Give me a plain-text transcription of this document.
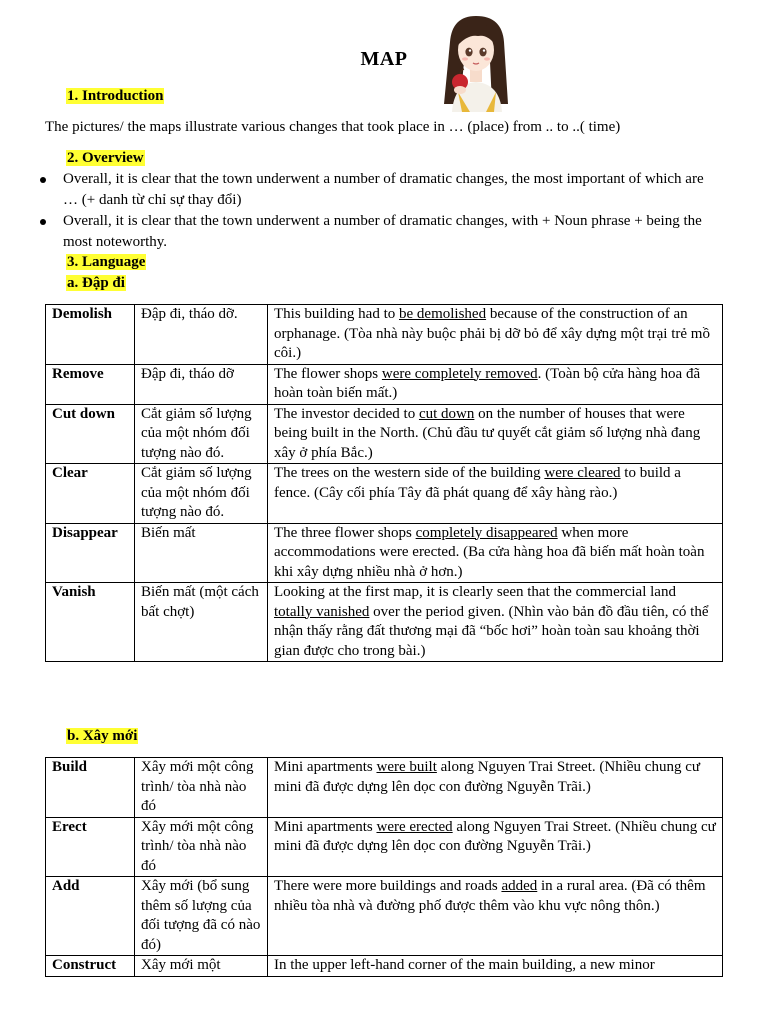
MAP
1. Introduction
The pictures/ the maps illustrate various changes that took place in … (place) from .. to ..( time)
2. Overview
Overall, it is clear that the town underwent a number of dramatic changes, the most important of which are … (+ danh từ chỉ sự thay đổi)
Overall, it is clear that the town underwent a number of dramatic changes, with + Noun phrase + being the most noteworthy.
3. Language
a. Đập đi
Demolish	Đập đi, tháo dỡ.	This building had to be demolished because of the construction of an orphanage. (Tòa nhà này buộc phải bị dỡ bỏ để xây dựng một trại trẻ mồ côi.)
Remove	Đập đi, tháo dỡ	The flower shops were completely removed. (Toàn bộ cửa hàng hoa đã hoàn toàn biến mất.)
Cut down	Cắt giảm số lượng của một nhóm đối tượng nào đó.	The investor decided to cut down on the number of houses that were being built in the North. (Chủ đầu tư quyết cắt giảm số lượng nhà đang xây ở phía Bắc.)
Clear	Cắt giảm số lượng của một nhóm đối tượng nào đó.	The trees on the western side of the building were cleared to build a fence. (Cây cối phía Tây đã phát quang để xây hàng rào.)
Disappear	Biến mất	The three flower shops completely disappeared when more accommodations were erected. (Ba cửa hàng hoa đã biến mất hoàn toàn khi xây dựng nhiều nhà ở hơn.)
Vanish	Biến mất (một cách bất chợt)	Looking at the first map, it is clearly seen that the commercial land totally vanished over the period given. (Nhìn vào bản đồ đầu tiên, có thể nhận thấy rằng đất thương mại đã “bốc hơi” hoàn toàn sau khoảng thời gian được cho trong bài.)
b. Xây mới
Build	Xây mới một công trình/ tòa nhà nào đó	Mini apartments were built along Nguyen Trai Street. (Nhiều chung cư mini đã được dựng lên dọc con đường Nguyễn Trãi.)
Erect	Xây mới một công trình/ tòa nhà nào đó	Mini apartments were erected along Nguyen Trai Street. (Nhiều chung cư mini đã được dựng lên dọc con đường Nguyễn Trãi.)
Add	Xây mới (bổ sung thêm số lượng của đối tượng đã có nào đó)	There were more buildings and roads added in a rural area. (Đã có thêm nhiều tòa nhà và đường phố được thêm vào khu vực nông thôn.)
Construct	Xây mới một	In the upper left-hand corner of the main building, a new minor
